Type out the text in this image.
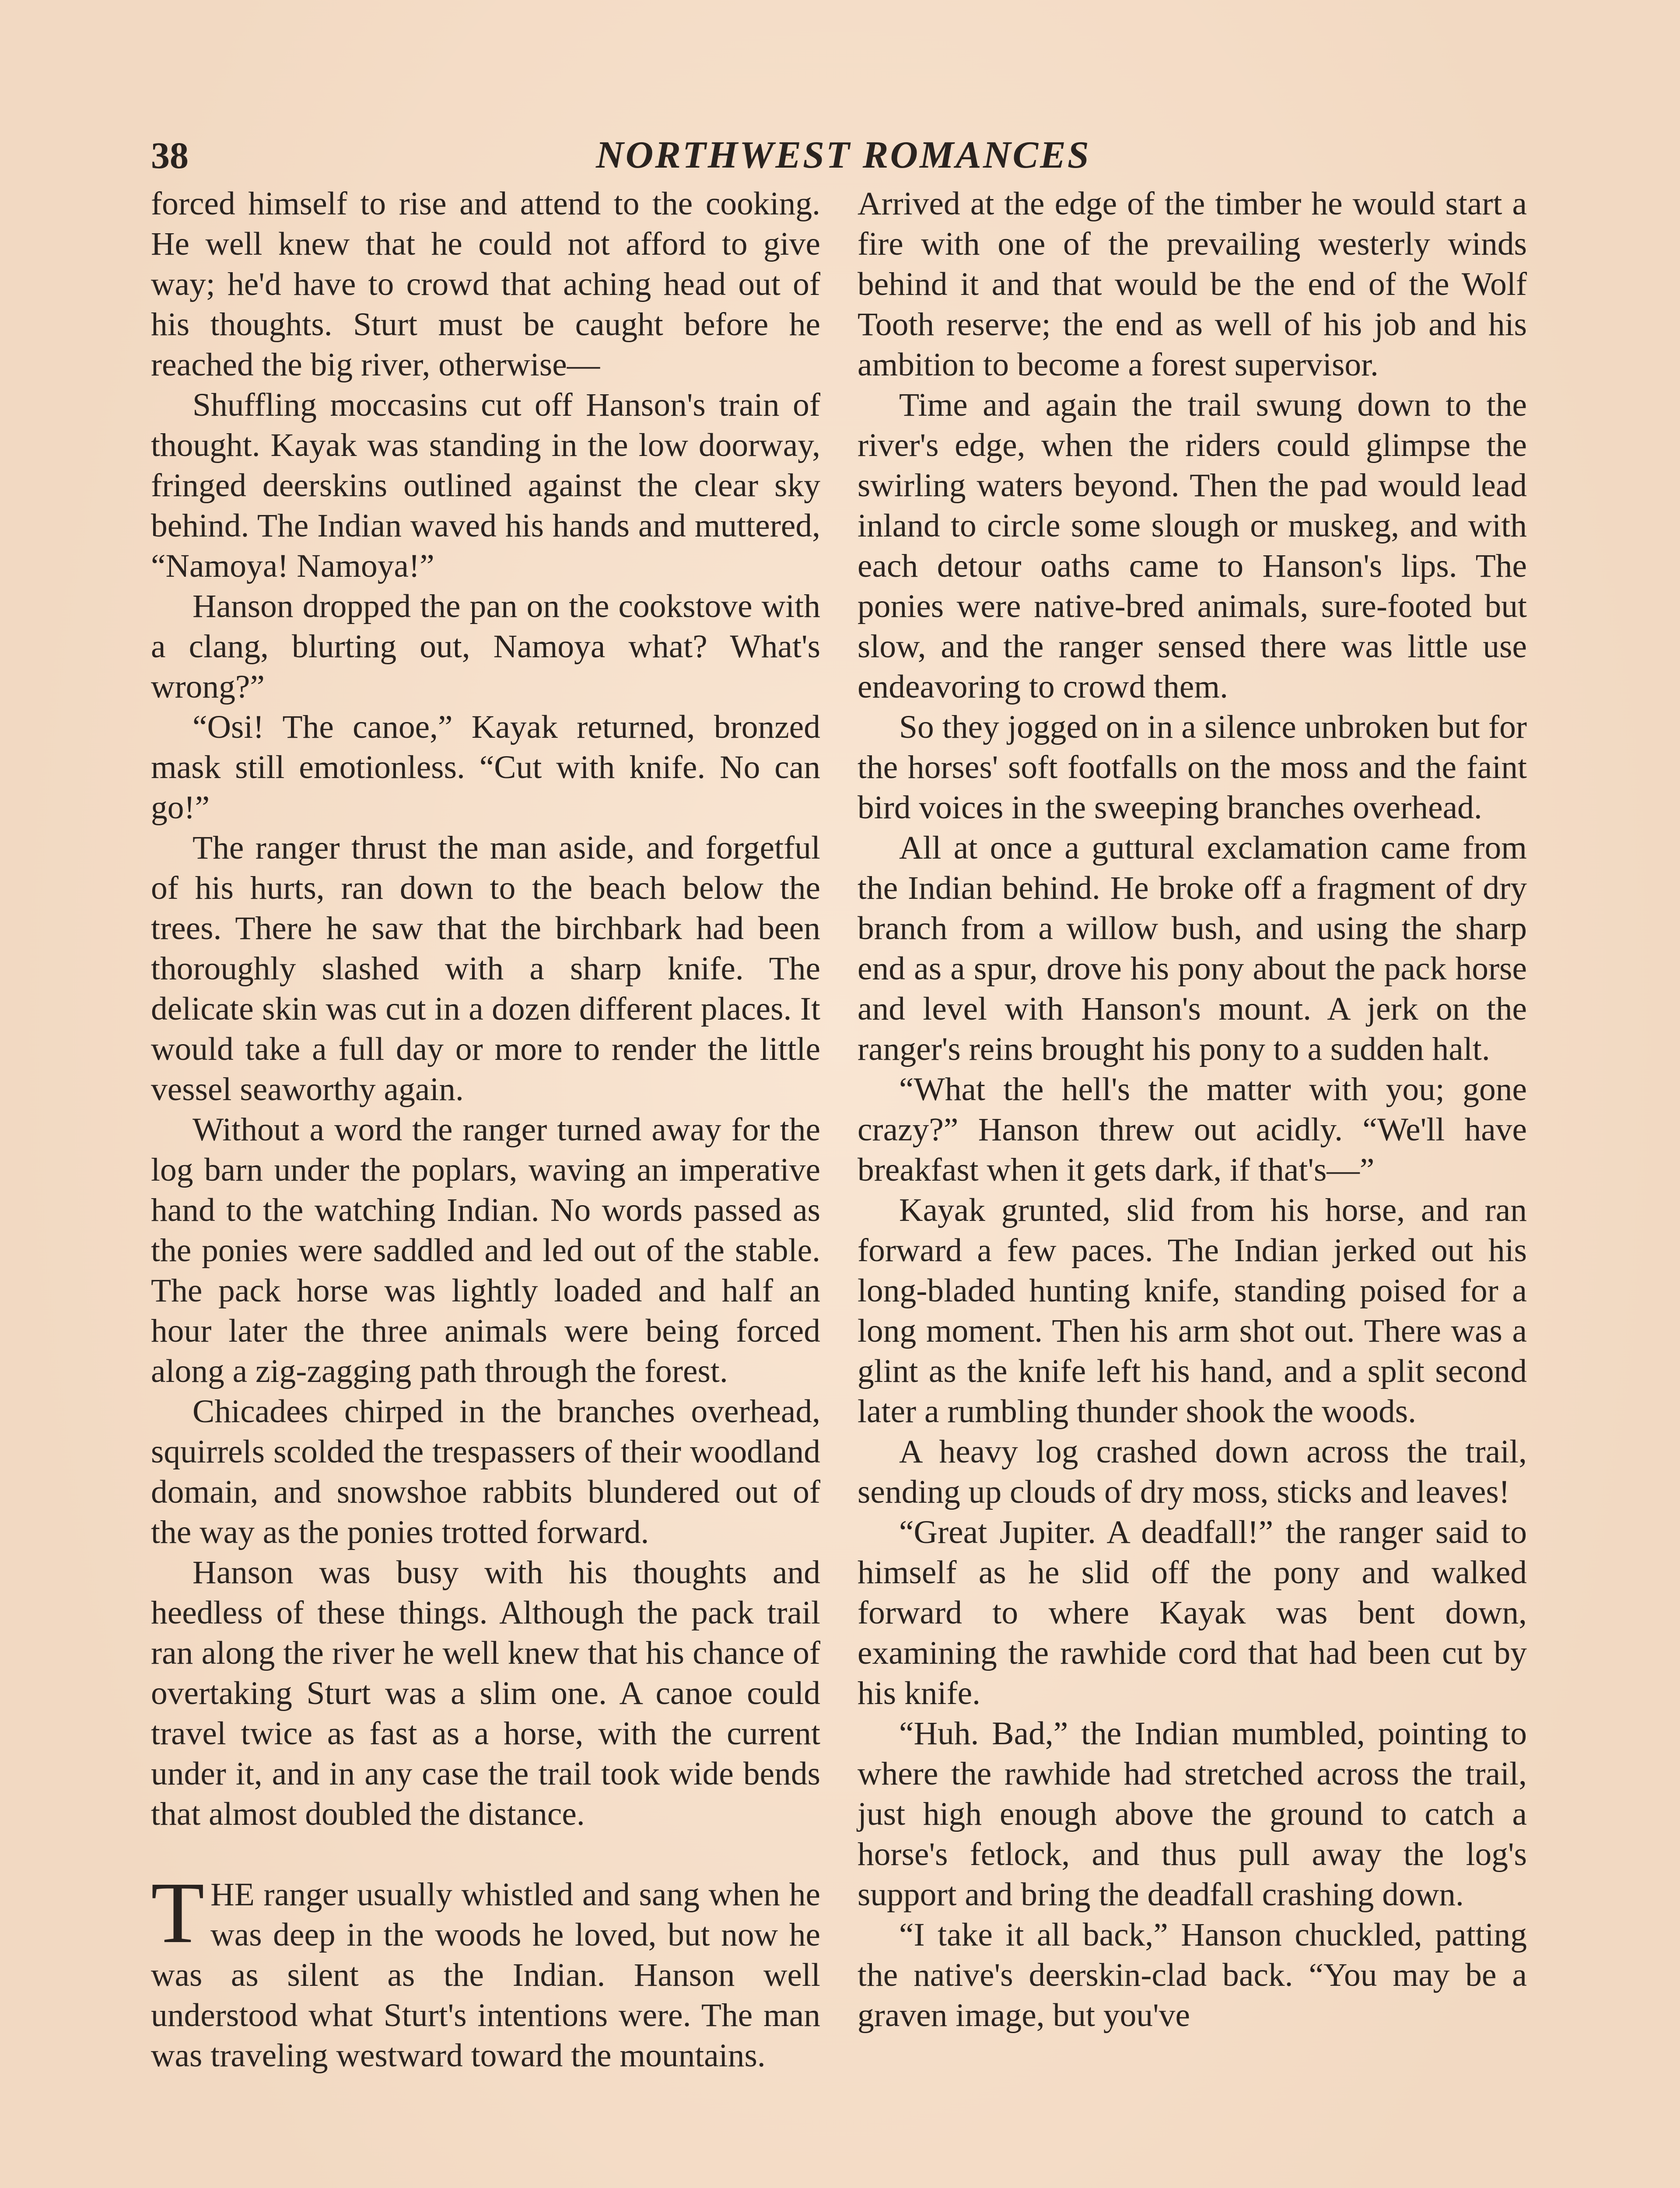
38	NORTHWEST ROMANCES

forced himself to rise and attend to the cooking. He well knew that he could not afford to give way; he'd have to crowd that aching head out of his thoughts. Sturt must be caught before he reached the big river, otherwise—

Shuffling moccasins cut off Hanson's train of thought. Kayak was standing in the low doorway, fringed deerskins outlined against the clear sky behind. The Indian waved his hands and muttered, “Namoya! Namoya!”

Hanson dropped the pan on the cookstove with a clang, blurting out, Namoya what? What's wrong?”

“Osi! The canoe,” Kayak returned, bronzed mask still emotionless. “Cut with knife. No can go!”

The ranger thrust the man aside, and forgetful of his hurts, ran down to the beach below the trees. There he saw that the birchbark had been thoroughly slashed with a sharp knife. The delicate skin was cut in a dozen different places. It would take a full day or more to render the little vessel seaworthy again.

Without a word the ranger turned away for the log barn under the poplars, waving an imperative hand to the watching Indian. No words passed as the ponies were saddled and led out of the stable. The pack horse was lightly loaded and half an hour later the three animals were being forced along a zig-zagging path through the forest.

Chicadees chirped in the branches overhead, squirrels scolded the trespassers of their woodland domain, and snowshoe rabbits blundered out of the way as the ponies trotted forward.

Hanson was busy with his thoughts and heedless of these things. Although the pack trail ran along the river he well knew that his chance of overtaking Sturt was a slim one. A canoe could travel twice as fast as a horse, with the current under it, and in any case the trail took wide bends that almost doubled the distance.

THE ranger usually whistled and sang when he was deep in the woods he loved, but now he was as silent as the Indian. Hanson well understood what Sturt's intentions were. The man was traveling westward toward the mountains.

Arrived at the edge of the timber he would start a fire with one of the prevailing westerly winds behind it and that would be the end of the Wolf Tooth reserve; the end as well of his job and his ambition to become a forest supervisor.

Time and again the trail swung down to the river's edge, when the riders could glimpse the swirling waters beyond. Then the pad would lead inland to circle some slough or muskeg, and with each detour oaths came to Hanson's lips. The ponies were native-bred animals, sure-footed but slow, and the ranger sensed there was little use endeavoring to crowd them.

So they jogged on in a silence unbroken but for the horses' soft footfalls on the moss and the faint bird voices in the sweeping branches overhead.

All at once a guttural exclamation came from the Indian behind. He broke off a fragment of dry branch from a willow bush, and using the sharp end as a spur, drove his pony about the pack horse and level with Hanson's mount. A jerk on the ranger's reins brought his pony to a sudden halt.

“What the hell's the matter with you; gone crazy?” Hanson threw out acidly. “We'll have breakfast when it gets dark, if that's—”

Kayak grunted, slid from his horse, and ran forward a few paces. The Indian jerked out his long-bladed hunting knife, standing poised for a long moment. Then his arm shot out. There was a glint as the knife left his hand, and a split second later a rumbling thunder shook the woods.

A heavy log crashed down across the trail, sending up clouds of dry moss, sticks and leaves!

“Great Jupiter. A deadfall!” the ranger said to himself as he slid off the pony and walked forward to where Kayak was bent down, examining the rawhide cord that had been cut by his knife.

“Huh. Bad,” the Indian mumbled, pointing to where the rawhide had stretched across the trail, just high enough above the ground to catch a horse's fetlock, and thus pull away the log's support and bring the deadfall crashing down.

“I take it all back,” Hanson chuckled, patting the native's deerskin-clad back. “You may be a graven image, but you've
